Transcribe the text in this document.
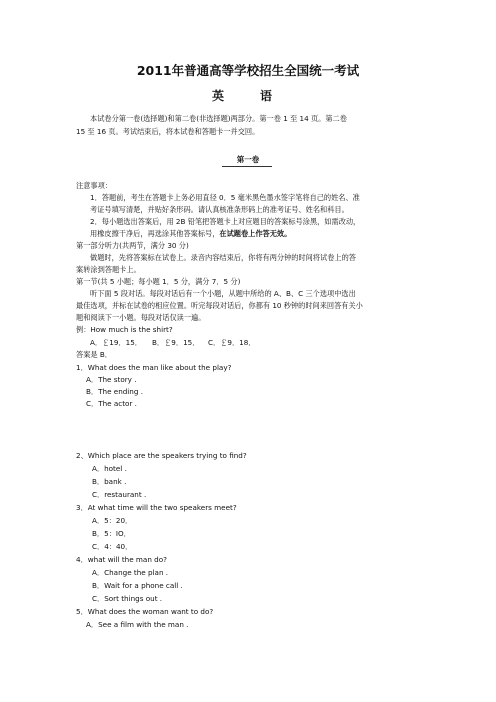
2011年普通高等学校招生全国统一考试
英　语
本试卷分第一卷(选择题)和第二卷(非选择题)两部分。第一卷 1 至 14 页。第二卷
15 至 16 页。考试结束后，将本试卷和答题卡一并交回。
第一卷
注意事项：
1．答题前，考生在答题卡上务必用直径 0．5 毫米黑色墨水签字笔将自己的姓名、准
考证号填写清楚，并贴好条形码。请认真核准条形码上的准考证号、姓名和科目。
2．每小题选出答案后，用 2B 铅笔把答题卡上对应题目的答案标号涂黑，如需改动，
用橡皮擦干净后，再选涂其他答案标号，在试题卷上作答无效。
第一部分听力(共两节，满分 30 分)
做题时，先将答案标在试卷上。录音内容结束后，你将有两分钟的时间将试卷上的答
案转涂到答题卡上。
第一节(共 5 小题；每小题 1．5 分，满分 7．5 分)
听下面 5 段对话。每段对话后有一个小题，从题中所给的 A、B、C 三个选项中选出
最佳选项，并标在试卷的相应位置。听完每段对话后，你都有 10 秒钟的时间来回答有关小
题和阅读下一小题。每段对话仅读一遍。
例：How much is the shirt?
A．￡19．15． B．￡9．15． C．￡9．18．
答案是 B．
1．What does the man like about the play?
A．The story .
B．The ending .
C．The actor .
2、Which place are the speakers trying to find?
A．hotel .
B．bank .
C．restaurant .
3．At what time will the two speakers meet?
A．5：20．
B．5：IO．
C．4：40．
4．what will the man do?
A．Change the plan .
B．Wait for a phone call .
C．Sort things out .
5．What does the woman want to do?
A．See a film with the man .
